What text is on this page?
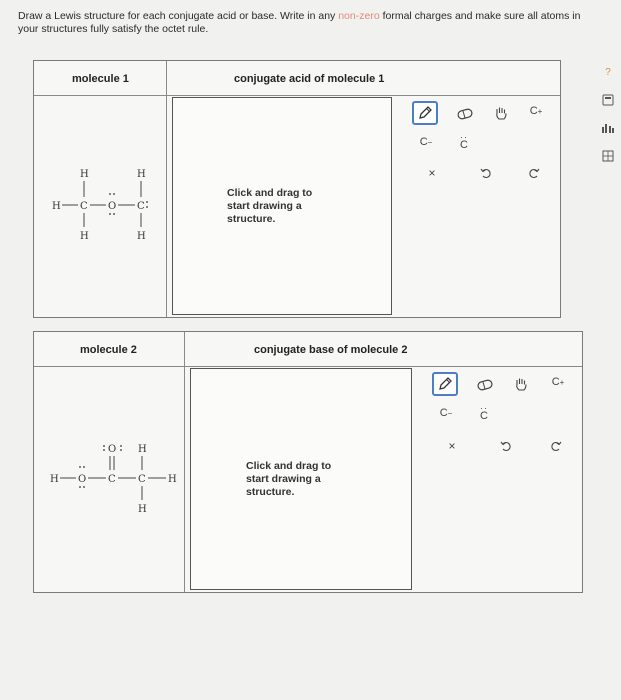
Draw a Lewis structure for each conjugate acid or base. Write in any non-zero formal charges and make sure all atoms in your structures fully satisfy the octet rule.
molecule 1	conjugate acid of molecule 1
H	H
H C O C
H	H
Click and drag to start drawing a structure.
C +
C −	··
C
×
molecule 2	conjugate base of molecule 2
O H
H O C C H
H
Click and drag to start drawing a structure.
C +
C −	··
C
×
?
